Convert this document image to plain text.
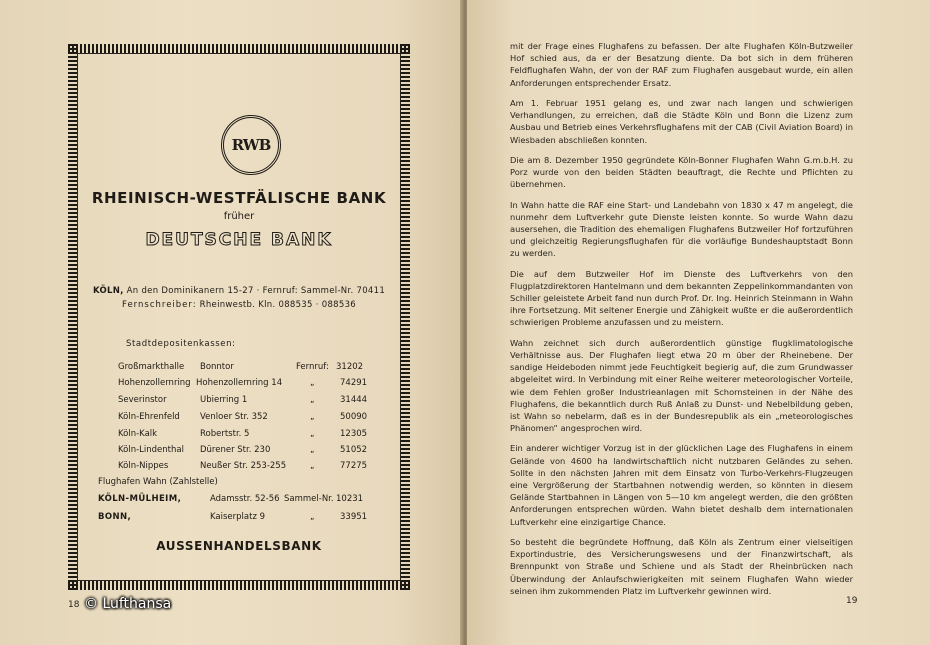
RWB
RHEINISCH-WESTFÄLISCHE BANK
früher
DEUTSCHE BANK
KÖLN, An den Dominikanern 15-27 · Fernruf: Sammel-Nr. 70411
Fernschreiber: Rheinwestb. Kln. 088535 · 088536
Stadtdepositenkassen:
Großmarkthalle Bonntor	Fernruf: 31202
Hohenzollernring Hohenzollernring 14	„	74291
Severinstor	Ubierring 1	„	31444
Köln-Ehrenfeld Venloer Str. 352	„	50090
Köln-Kalk	Robertstr. 5	„	12305
Köln-Lindenthal Dürener Str. 230	„	51052
Köln-Nippes	Neußer Str. 253-255	„	77275
Flughafen Wahn (Zahlstelle)
KÖLN-MÜLHEIM,	Adamsstr. 52-56 Sammel-Nr. 10231
BONN,	Kaiserplatz 9	„	33951
AUSSENHANDELSBANK
18 © Lufthansa

mit der Frage eines Flughafens zu befassen. Der alte Flughafen Köln-Butzweiler Hof schied aus, da er der Besatzung diente. Da bot sich in dem früheren Feldflughafen Wahn, der von der RAF zum Flughafen ausgebaut wurde, ein allen Anforderungen entsprechender Ersatz.

Am 1. Februar 1951 gelang es, und zwar nach langen und schwierigen Verhandlungen, zu erreichen, daß die Städte Köln und Bonn die Lizenz zum Ausbau und Betrieb eines Verkehrsflughafens mit der CAB (Civil Aviation Board) in Wiesbaden abschließen konnten.

Die am 8. Dezember 1950 gegründete Köln-Bonner Flughafen Wahn G.m.b.H. zu Porz wurde von den beiden Städten beauftragt, die Rechte und Pflichten zu übernehmen.

In Wahn hatte die RAF eine Start- und Landebahn von 1830 x 47 m angelegt, die nunmehr dem Luftverkehr gute Dienste leisten konnte. So wurde Wahn dazu ausersehen, die Tradition des ehemaligen Flughafens Butzweiler Hof fortzuführen und gleichzeitig Regierungsflughafen für die vorläufige Bundeshauptstadt Bonn zu werden.

Die auf dem Butzweiler Hof im Dienste des Luftverkehrs von den Flugplatzdirektoren Hantelmann und dem bekannten Zeppelinkommandanten von Schiller geleistete Arbeit fand nun durch Prof. Dr. Ing. Heinrich Steinmann in Wahn ihre Fortsetzung. Mit seltener Energie und Zähigkeit wußte er die außerordentlich schwierigen Probleme anzufassen und zu meistern.

Wahn zeichnet sich durch außerordentlich günstige flugklimatologische Verhältnisse aus. Der Flughafen liegt etwa 20 m über der Rheinebene. Der sandige Heideboden nimmt jede Feuchtigkeit begierig auf, die zum Grundwasser abgeleitet wird. In Verbindung mit einer Reihe weiterer meteorologischer Vorteile, wie dem Fehlen großer Industrieanlagen mit Schornsteinen in der Nähe des Flughafens, die bekanntlich durch Ruß Anlaß zu Dunst- und Nebelbildung geben, ist Wahn so nebelarm, daß es in der Bundesrepublik als ein „meteorologisches Phänomen“ angesprochen wird.

Ein anderer wichtiger Vorzug ist in der glücklichen Lage des Flughafens in einem Gelände von 4600 ha landwirtschaftlich nicht nutzbaren Geländes zu sehen. Sollte in den nächsten Jahren mit dem Einsatz von Turbo-Verkehrs-Flugzeugen eine Vergrößerung der Startbahnen notwendig werden, so könnten in diesem Gelände Startbahnen in Längen von 5—10 km angelegt werden, die den größten Anforderungen entsprechen würden. Wahn bietet deshalb dem internationalen Luftverkehr eine einzigartige Chance.

So besteht die begründete Hoffnung, daß Köln als Zentrum einer vielseitigen Exportindustrie, des Versicherungswesens und der Finanzwirtschaft, als Brennpunkt von Straße und Schiene und als Stadt der Rheinbrücken nach Überwindung der Anlaufschwierigkeiten mit seinem Flughafen Wahn wieder seinen ihm zukommenden Platz im Luftverkehr gewinnen wird.

19
